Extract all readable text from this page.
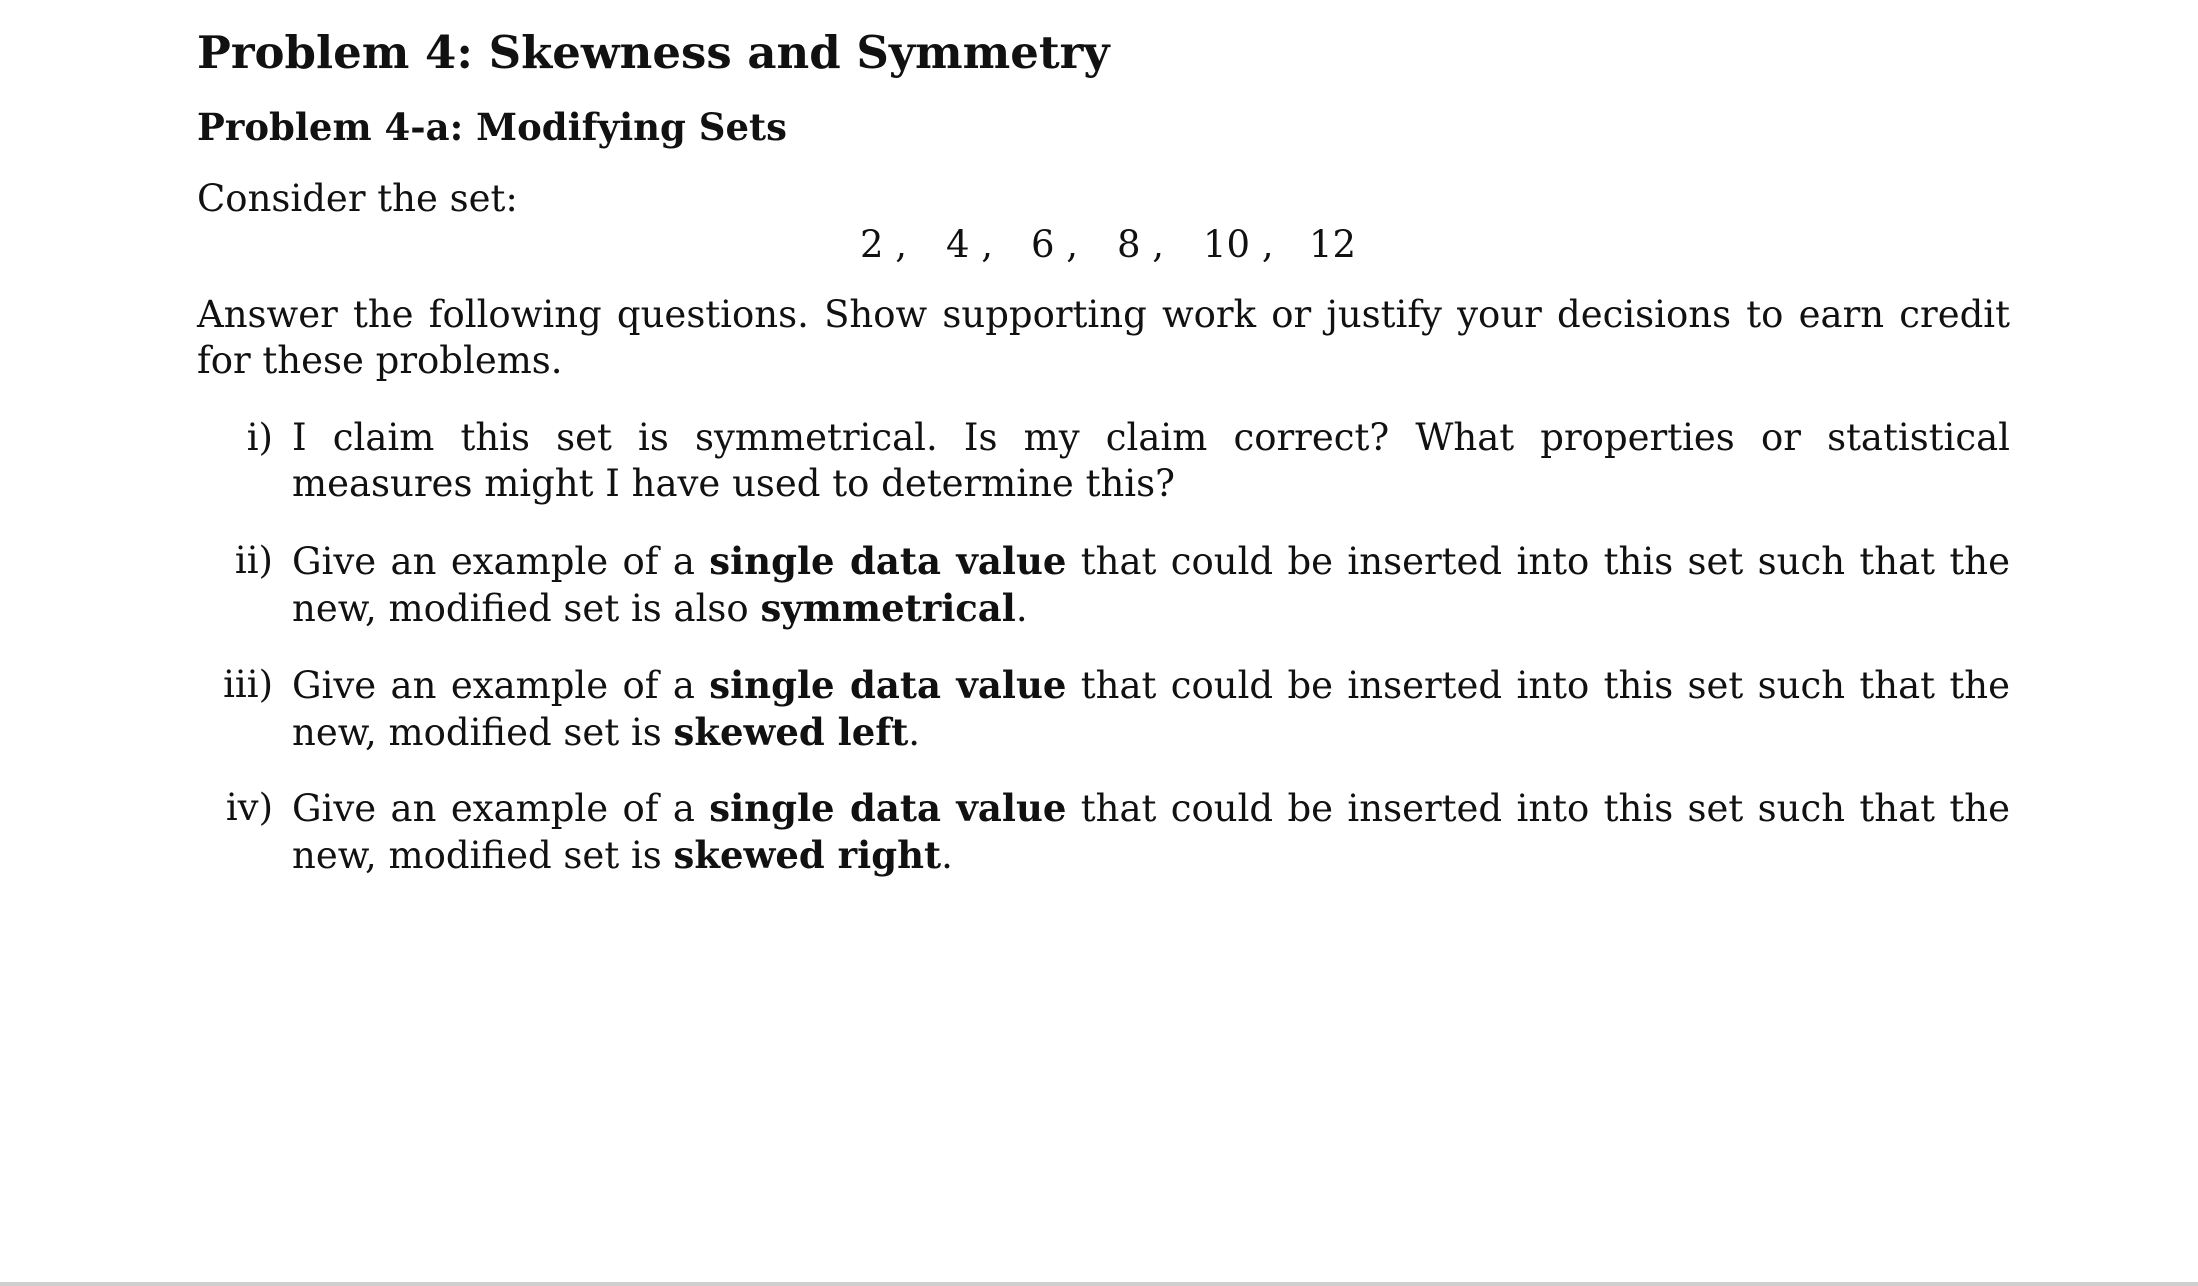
Problem 4: Skewness and Symmetry
Problem 4-a: Modifying Sets
Consider the set:
2 , 4 , 6 , 8 , 10 , 12
Answer the following questions. Show supporting work or justify your decisions to earn credit for these problems.
i) I claim this set is symmetrical. Is my claim correct? What properties or statistical measures might I have used to determine this?
ii) Give an example of a single data value that could be inserted into this set such that the new, modified set is also symmetrical.
iii) Give an example of a single data value that could be inserted into this set such that the new, modified set is skewed left.
iv) Give an example of a single data value that could be inserted into this set such that the new, modified set is skewed right.
